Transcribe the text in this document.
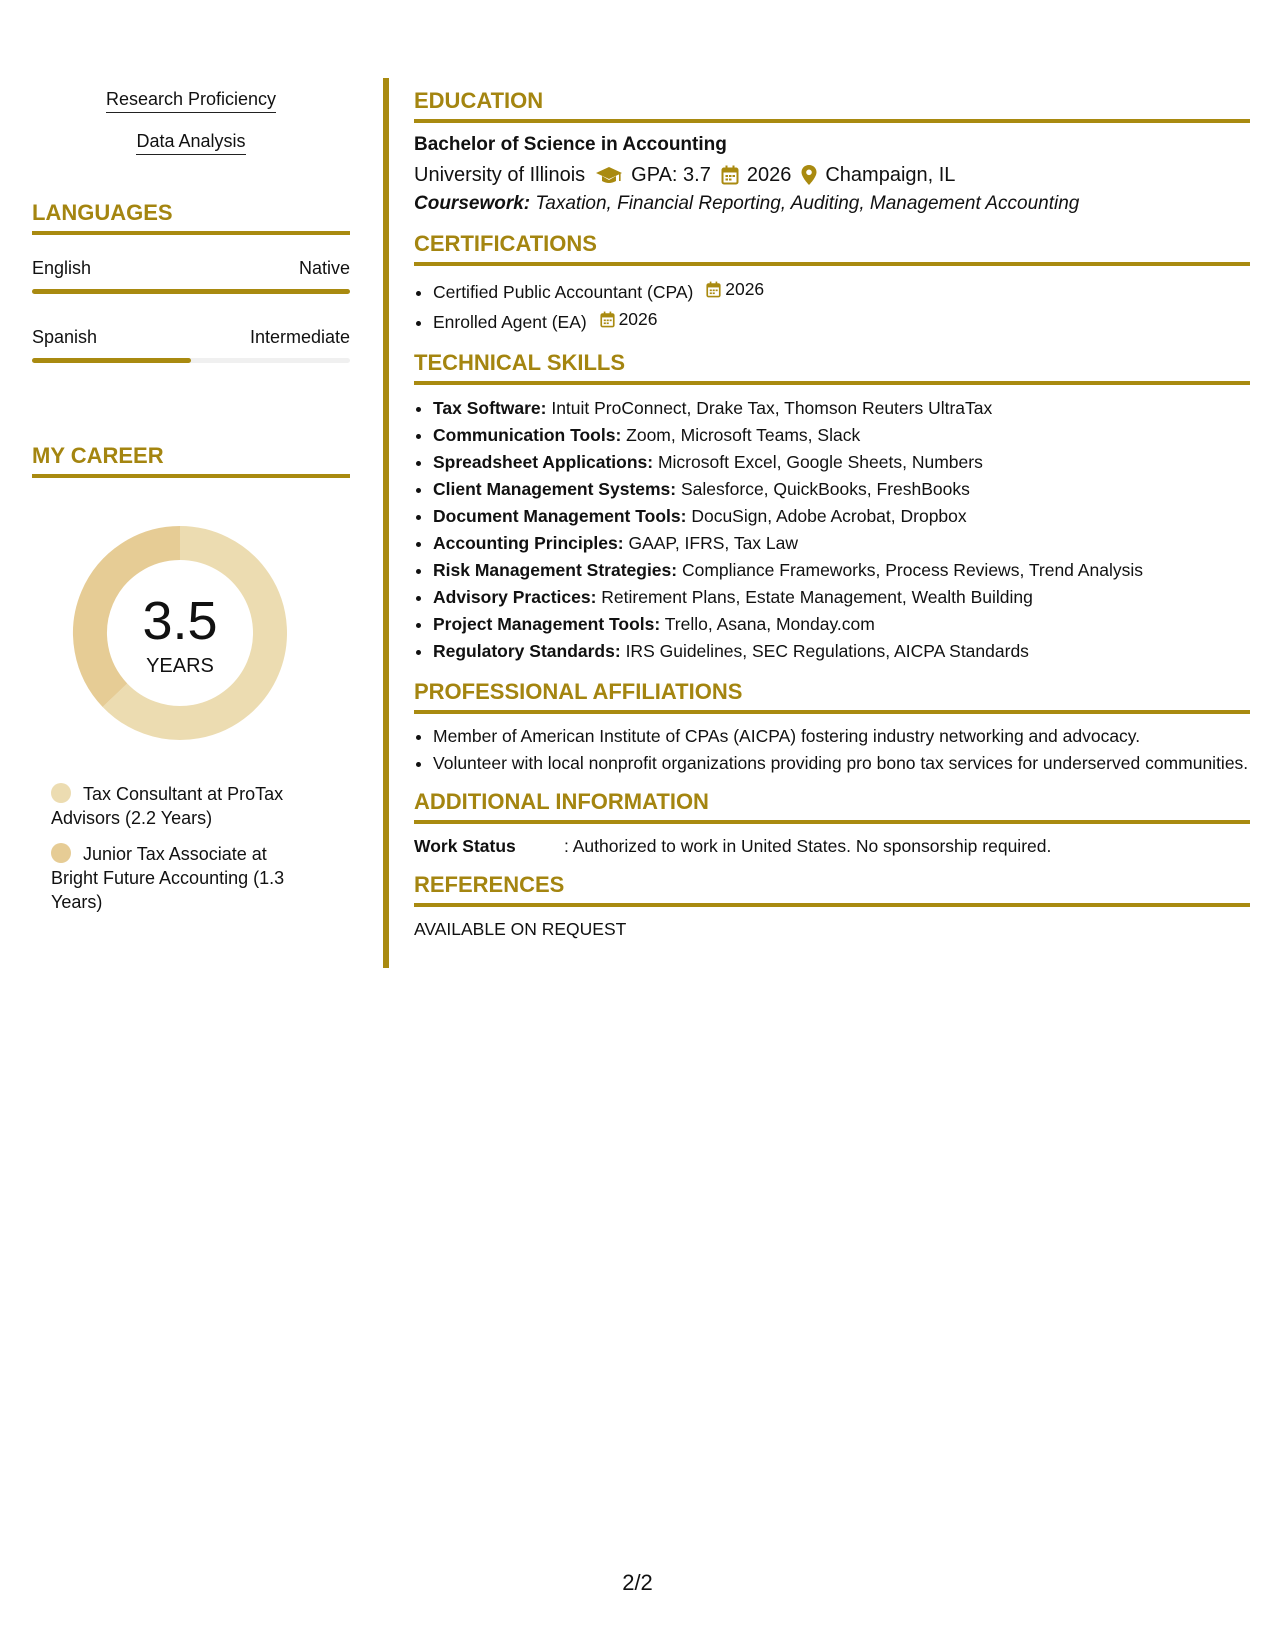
Research Proficiency
Data Analysis
LANGUAGES
English	Native
Spanish	Intermediate
MY CAREER
3.5
YEARS
Tax Consultant at ProTax Advisors (2.2 Years)
Junior Tax Associate at Bright Future Accounting (1.3 Years)
EDUCATION
Bachelor of Science in Accounting
University of Illinois GPA: 3.7 2026 Champaign, IL
Coursework: Taxation, Financial Reporting, Auditing, Management Accounting
CERTIFICATIONS
• Certified Public Accountant (CPA) 2026
• Enrolled Agent (EA) 2026
TECHNICAL SKILLS
• Tax Software: Intuit ProConnect, Drake Tax, Thomson Reuters UltraTax
• Communication Tools: Zoom, Microsoft Teams, Slack
• Spreadsheet Applications: Microsoft Excel, Google Sheets, Numbers
• Client Management Systems: Salesforce, QuickBooks, FreshBooks
• Document Management Tools: DocuSign, Adobe Acrobat, Dropbox
• Accounting Principles: GAAP, IFRS, Tax Law
• Risk Management Strategies: Compliance Frameworks, Process Reviews, Trend Analysis
• Advisory Practices: Retirement Plans, Estate Management, Wealth Building
• Project Management Tools: Trello, Asana, Monday.com
• Regulatory Standards: IRS Guidelines, SEC Regulations, AICPA Standards
PROFESSIONAL AFFILIATIONS
• Member of American Institute of CPAs (AICPA) fostering industry networking and advocacy.
• Volunteer with local nonprofit organizations providing pro bono tax services for underserved communities.
ADDITIONAL INFORMATION
Work Status	: Authorized to work in United States. No sponsorship required.
REFERENCES
AVAILABLE ON REQUEST
2/2
